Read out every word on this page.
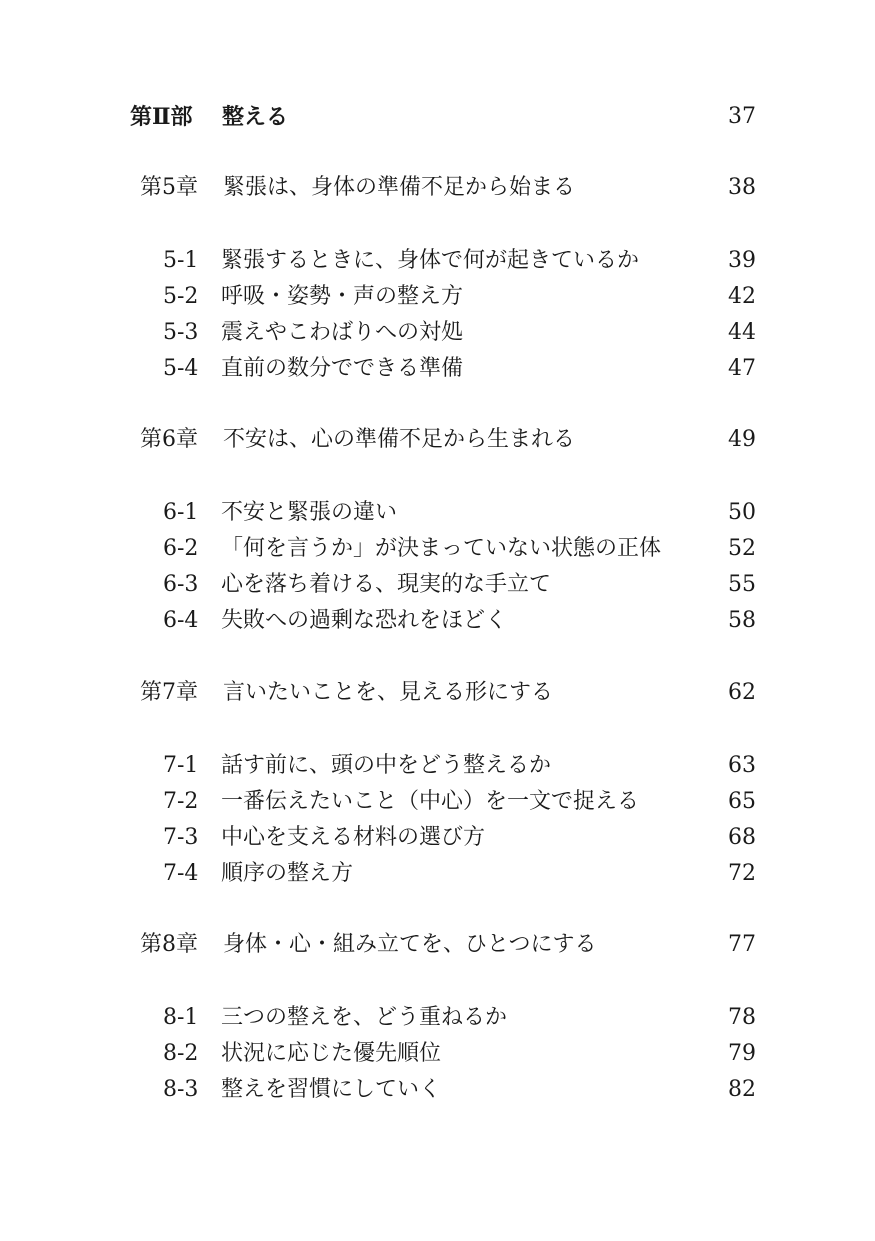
第Ⅱ部 整える	37
第5章 緊張は、身体の準備不足から始まる	38
5-1 緊張するときに、身体で何が起きているか	39
5-2 呼吸・姿勢・声の整え方	42
5-3 震えやこわばりへの対処	44
5-4 直前の数分でできる準備	47
第6章 不安は、心の準備不足から生まれる	49
6-1 不安と緊張の違い	50
6-2 「何を言うか」が決まっていない状態の正体	52
6-3 心を落ち着ける、現実的な手立て	55
6-4 失敗への過剰な恐れをほどく	58
第7章 言いたいことを、見える形にする	62
7-1 話す前に、頭の中をどう整えるか	63
7-2 一番伝えたいこと（中心）を一文で捉える	65
7-3 中心を支える材料の選び方	68
7-4 順序の整え方	72
第8章 身体・心・組み立てを、ひとつにする	77
8-1 三つの整えを、どう重ねるか	78
8-2 状況に応じた優先順位	79
8-3 整えを習慣にしていく	82
